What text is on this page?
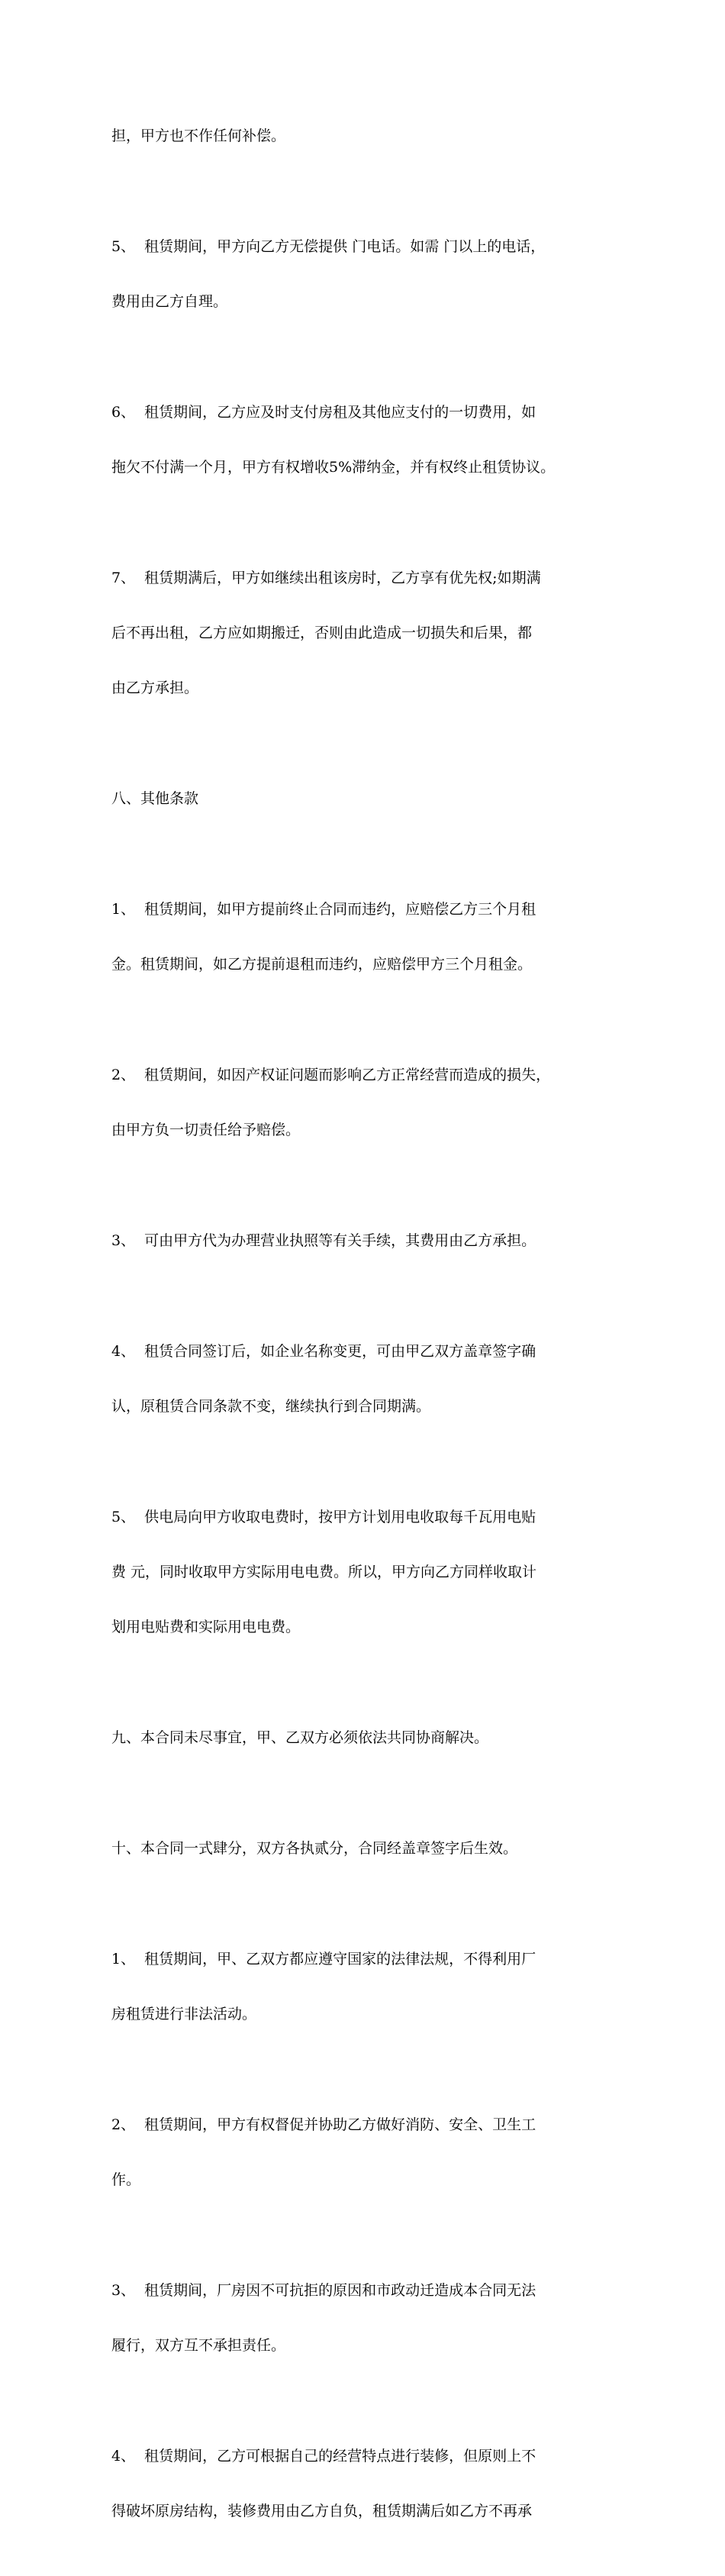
担，甲方也不作任何补偿。

5、  租赁期间，甲方向乙方无偿提供 门电话。如需 门以上的电话，

费用由乙方自理。

6、  租赁期间，乙方应及时支付房租及其他应支付的一切费用，如

拖欠不付满一个月，甲方有权增收5%滞纳金，并有权终止租赁协议。

7、  租赁期满后，甲方如继续出租该房时，乙方享有优先权;如期满

后不再出租，乙方应如期搬迁，否则由此造成一切损失和后果，都

由乙方承担。

八、其他条款

1、  租赁期间，如甲方提前终止合同而违约，应赔偿乙方三个月租

金。租赁期间，如乙方提前退租而违约，应赔偿甲方三个月租金。

2、  租赁期间，如因产权证问题而影响乙方正常经营而造成的损失，

由甲方负一切责任给予赔偿。

3、  可由甲方代为办理营业执照等有关手续，其费用由乙方承担。

4、  租赁合同签订后，如企业名称变更，可由甲乙双方盖章签字确

认，原租赁合同条款不变，继续执行到合同期满。

5、  供电局向甲方收取电费时，按甲方计划用电收取每千瓦用电贴

费 元，同时收取甲方实际用电电费。所以，甲方向乙方同样收取计

划用电贴费和实际用电电费。

九、本合同未尽事宜，甲、乙双方必须依法共同协商解决。

十、本合同一式肆分，双方各执贰分，合同经盖章签字后生效。

1、  租赁期间，甲、乙双方都应遵守国家的法律法规，不得利用厂

房租赁进行非法活动。

2、  租赁期间，甲方有权督促并协助乙方做好消防、安全、卫生工

作。

3、  租赁期间，厂房因不可抗拒的原因和市政动迁造成本合同无法

履行，双方互不承担责任。

4、  租赁期间，乙方可根据自己的经营特点进行装修，但原则上不

得破坏原房结构，装修费用由乙方自负，租赁期满后如乙方不再承
